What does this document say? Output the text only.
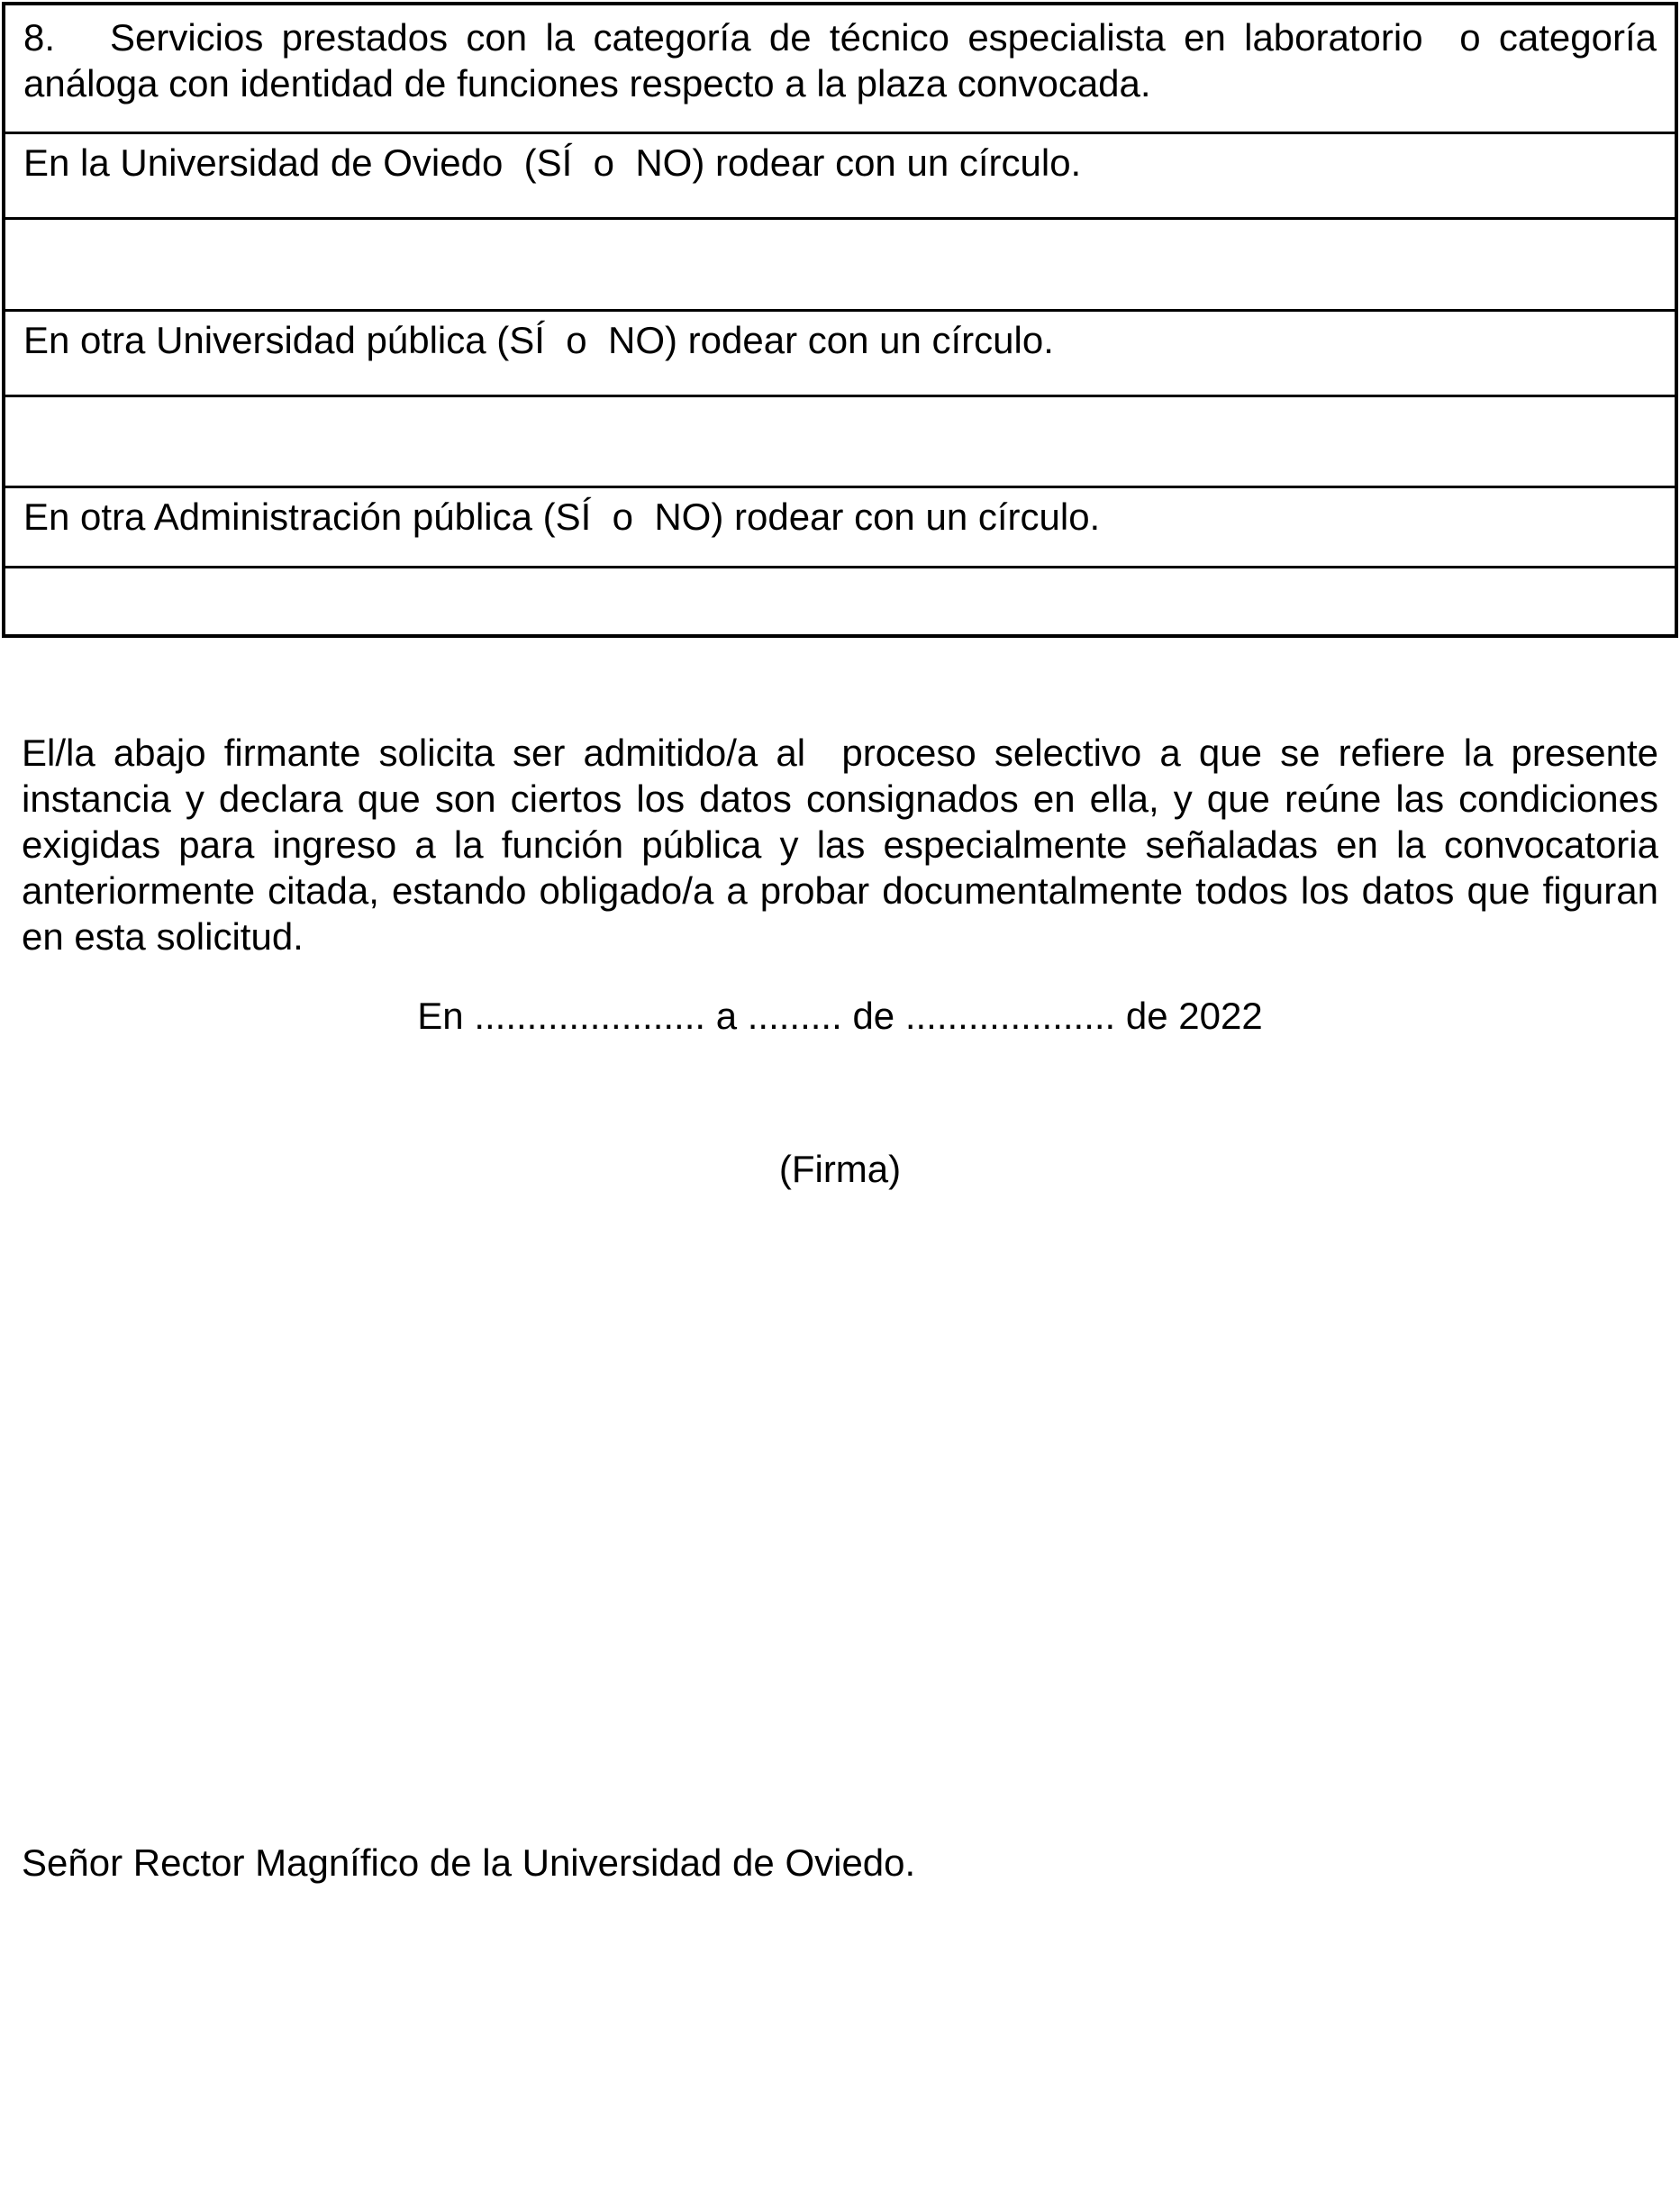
8.   Servicios prestados con la categoría de técnico especialista en laboratorio  o categoría
análoga con identidad de funciones respecto a la plaza convocada.
En la Universidad de Oviedo  (SÍ  o  NO) rodear con un círculo.
En otra Universidad pública (SÍ  o  NO) rodear con un círculo.
En otra Administración pública (SÍ  o  NO) rodear con un círculo.
El/la abajo firmante solicita ser admitido/a al  proceso selectivo a que se refiere la presente
instancia y declara que son ciertos los datos consignados en ella, y que reúne las condiciones
exigidas para ingreso a la función pública y las especialmente señaladas en la convocatoria
anteriormente citada, estando obligado/a a probar documentalmente todos los datos que figuran
en esta solicitud.
En ...................... a ......... de .................... de 2022
(Firma)
Señor Rector Magnífico de la Universidad de Oviedo.
